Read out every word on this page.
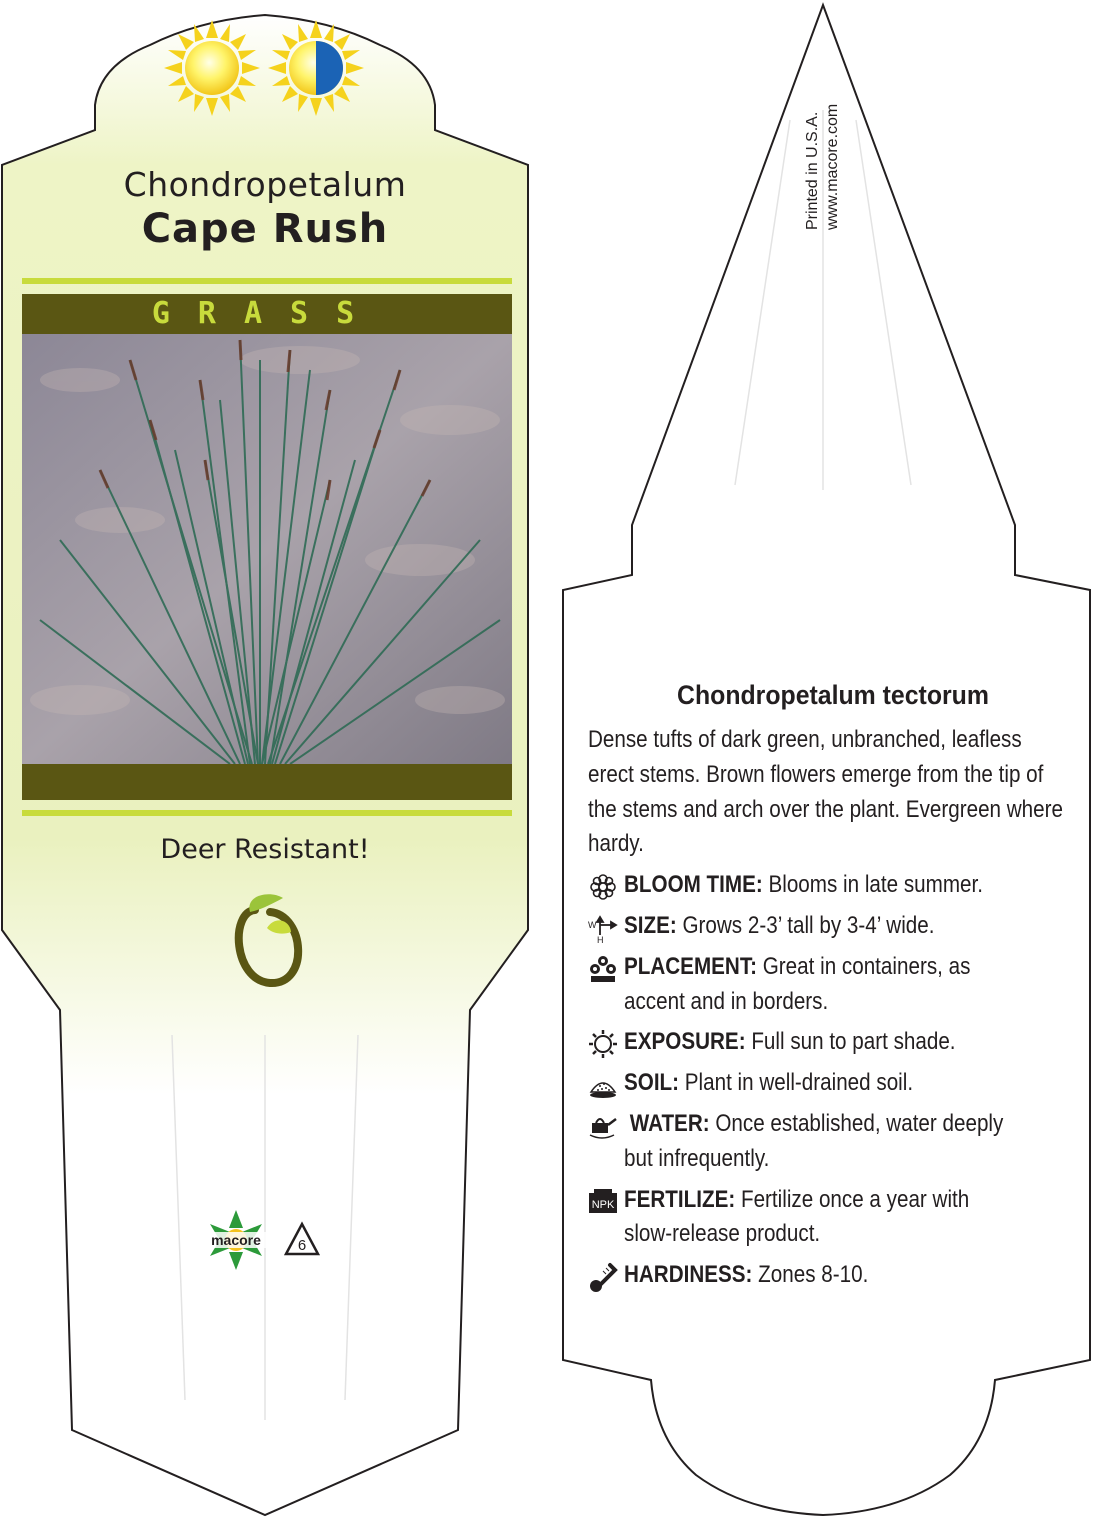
macore 6
Chondropetalum
Cape Rush
GRASS
Deer Resistant!
Printed in U.S.A. www.macore.com
Chondropetalum tectorum
Dense tufts of dark green, unbranched, leafless erect stems. Brown flowers emerge from the tip of the stems and arch over the plant. Evergreen where hardy.
BLOOM TIME: Blooms in late summer.
W
H
SIZE: Grows 2-3’ tall by 3-4’ wide.
PLACEMENT: Great in containers, as accent and in borders.
EXPOSURE: Full sun to part shade.
SOIL: Plant in well-drained soil.
WATER: Once established, water deeply but infrequently.
NPK FERTILIZE: Fertilize once a year with slow-release product.
HARDINESS: Zones 8-10.
